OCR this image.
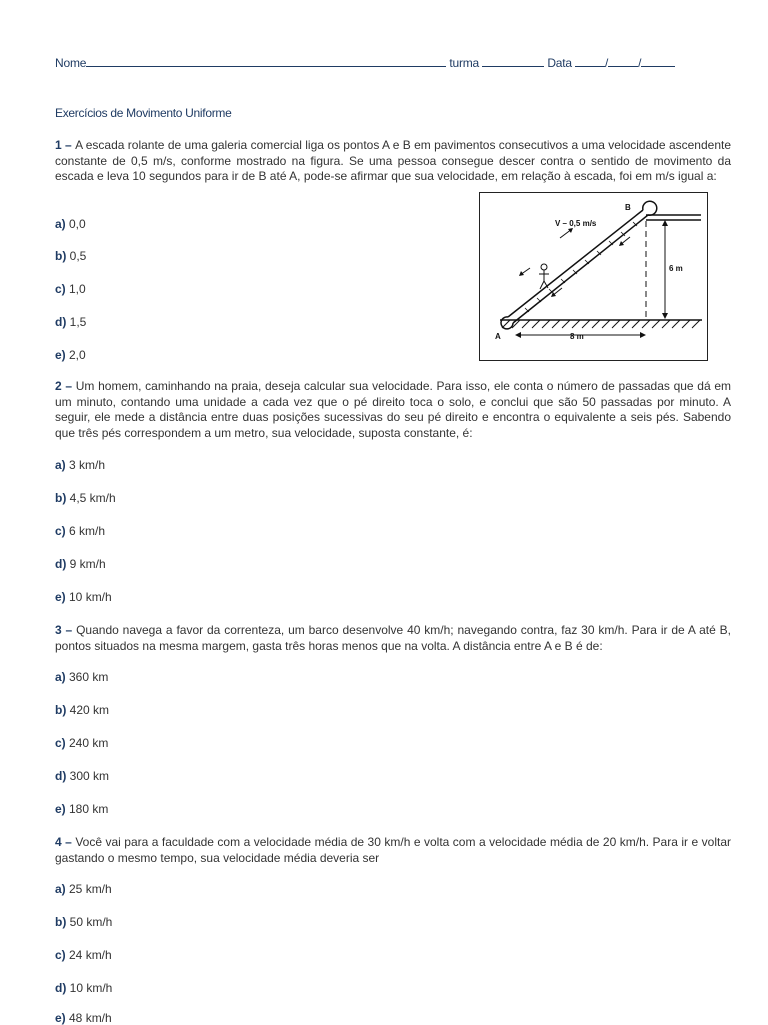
Nome	turma	Data	/	/
Exercícios de Movimento Uniforme
1 – A escada rolante de uma galeria comercial liga os pontos A e B em pavimentos consecutivos a uma velocidade ascendente constante de 0,5 m/s, conforme mostrado na figura. Se uma pessoa consegue descer contra o sentido de movimento da escada e leva 10 segundos para ir de B até A, pode-se afirmar que sua velocidade, em relação à escada, foi em m/s igual a:
a) 0,0
b) 0,5
c) 1,0
d) 1,5
e) 2,0
V – 0,5 m/s
B
A
6 m
8 m
2 – Um homem, caminhando na praia, deseja calcular sua velocidade. Para isso, ele conta o número de passadas que dá em um minuto, contando uma unidade a cada vez que o pé direito toca o solo, e conclui que são 50 passadas por minuto. A seguir, ele mede a distância entre duas posições sucessivas do seu pé direito e encontra o equivalente a seis pés. Sabendo que três pés correspondem a um metro, sua velocidade, suposta constante, é:
a) 3 km/h
b) 4,5 km/h
c) 6 km/h
d) 9 km/h
e) 10 km/h
3 – Quando navega a favor da correnteza, um barco desenvolve 40 km/h; navegando contra, faz 30 km/h. Para ir de A até B, pontos situados na mesma margem, gasta três horas menos que na volta. A distância entre A e B é de:
a) 360 km
b) 420 km
c) 240 km
d) 300 km
e) 180 km
4 – Você vai para a faculdade com a velocidade média de 30 km/h e volta com a velocidade média de 20 km/h. Para ir e voltar gastando o mesmo tempo, sua velocidade média deveria ser
a) 25 km/h
b) 50 km/h
c) 24 km/h
d) 10 km/h
e) 48 km/h
